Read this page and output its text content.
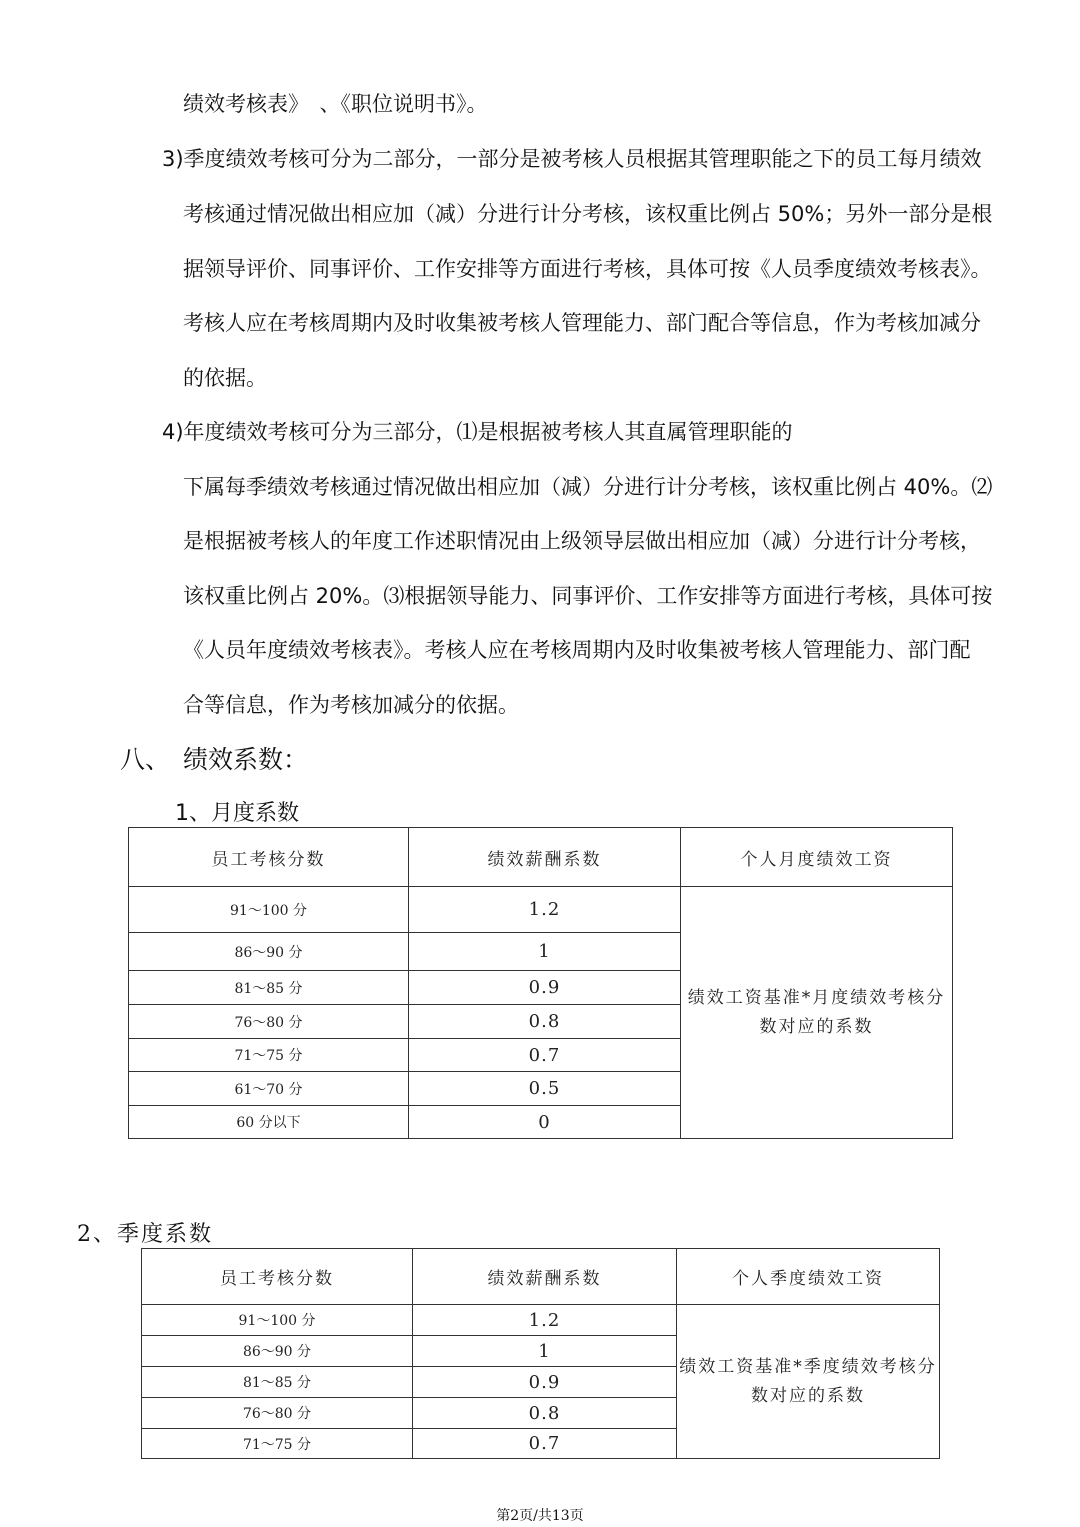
绩效考核表》　、《职位说明书》。
3)季度绩效考核可分为二部分，一部分是被考核人员根据其管理职能之下的员工每月绩效
考核通过情况做出相应加（减）分进行计分考核，该权重比例占 50%；另外一部分是根
据领导评价、同事评价、工作安排等方面进行考核，具体可按《人员季度绩效考核表》。
考核人应在考核周期内及时收集被考核人管理能力、部门配合等信息，作为考核加减分
的依据。
4)年度绩效考核可分为三部分，⑴是根据被考核人其直属管理职能的
下属每季绩效考核通过情况做出相应加（减）分进行计分考核，该权重比例占 40%。⑵
是根据被考核人的年度工作述职情况由上级领导层做出相应加（减）分进行计分考核，
该权重比例占 20%。⑶根据领导能力、同事评价、工作安排等方面进行考核，具体可按
《人员年度绩效考核表》。考核人应在考核周期内及时收集被考核人管理能力、部门配
合等信息，作为考核加减分的依据。
八、 绩效系数：
1、月度系数
员工考核分数	绩效薪酬系数	个人月度绩效工资
91～100 分	1.2	绩效工资基准*月度绩效考核分数对应的系数
86～90 分	1	
81～85 分	0.9	
76～80 分	0.8	
71～75 分	0.7	
61～70 分	0.5	
60 分以下	0	
2、季度系数
员工考核分数	绩效薪酬系数	个人季度绩效工资
91～100 分	1.2	绩效工资基准*季度绩效考核分数对应的系数
86～90 分	1	
81～85 分	0.9	
76～80 分	0.8	
71～75 分	0.7	
第2页/共13页
